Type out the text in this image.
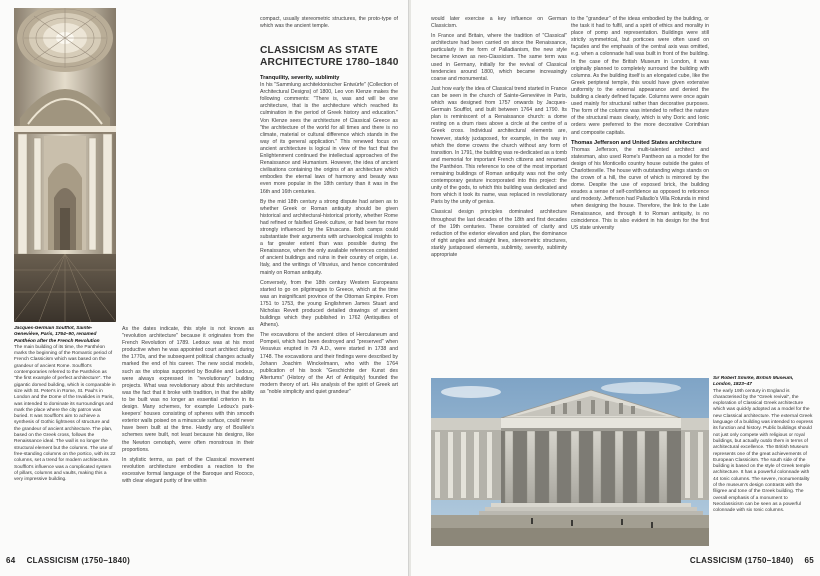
Jacques-Germain Soufflot, Sainte-Geneviève, Paris, 1764–90, renamed Panthéon after the French Revolution
The main building of its time, the Panthéon marks the beginning of the Romantic period of French Classicism which was based on the grandeur of ancient Rome. Soufflot's contemporaries referred to the Panthéon as "the first example of perfect architecture". The gigantic domed building, which is comparable in size with St. Peter's in Rome, St. Paul's in London and the Dome of the Invalides in Paris, was intended to dominate its surroundings and mark the place where the city patron was buried. It was Soufflot's aim to achieve a synthesis of Gothic lightness of structure and the grandeur of ancient architecture. The plan, based on the Greek cross, follows the Renaissance ideal. The wall is no longer the structural element but the columns. The use of free-standing columns on the portico, with its 22 columns, set a trend for modern architecture. Soufflot's influence was a complicated system of pillars, columns and vaults, making this a very impressive building.

As the dates indicate, this style is not known as "revolution architecture" because it originates from the French Revolution of 1789. Ledoux was at his most productive when he was appointed court architect during the 1770s, and the subsequent political changes actually marked the end of his career. The new social models, such as the utopias supported by Boullée and Ledoux, were always expressed in "revolutionary" building projects. What was revolutionary about this architecture was the fact that it broke with tradition, in that the ability to be built was no longer an essential criterion in its design. Many schemes, for example Ledoux's park-keepers' houses consisting of spheres with thin smooth exterior walls poised on a minuscule surface, could never have been built at the time. Hardly any of Boullée's schemes were built, not least because his designs, like the Newton cenotaph, were often monstrous in their proportions.

In stylistic terms, as part of the Classical movement revolution architecture embodies a reaction to the excessive formal language of the Baroque and Rococo, with clear elegant purity of line within

compact, usually stereometric structures, the proto-type of which was the ancient temple.
CLASSICISM AS STATE
ARCHITECTURE 1780–1840

Tranquility, severity, sublimity

In his "Sammlung architektonischer Entwürfe" (Collection of Architectural Designs) of 1800, Leo von Klenze makes the following comments: "There is, was and will be one architecture, that is the architecture which reached its culmination in the period of Greek history and education." Von Klenze sees the architecture of Classical Greece as "the architecture of the world for all times and there is no climate, material or cultural difference which stands in the way of its general application." This renewed focus on ancient architecture is logical in view of the fact that the Enlightenment continued the intellectual approaches of the Renaissance and Humanism. However, the idea of ancient civilisations containing the origins of an architecture which embodies the eternal laws of harmony and beauty was even more popular in the 18th century than it was in the 16th and 16th centuries.

By the mid 18th century a strong dispute had arisen as to whether Greek or Roman antiquity should be given historical and architectural-historical priority, whether Rome had refined or falsified Greek culture, or had been far more strongly influenced by the Etruscans. Both camps could substantiate their arguments with archaeological insights to a far greater extent than was possible during the Renaissance, when the only available references consisted of ancient buildings and ruins in their country of origin, i.e. Italy, and the writings of Vitruvius, and hence concentrated mainly on Roman antiquity.

Conversely, from the 18th century Western Europeans started to go on pilgrimages to Greece, which at the time was an insignificant province of the Ottoman Empire. From 1751 to 1753, the young Englishmen James Stuart and Nicholas Revett produced detailed drawings of ancient buildings which they published in 1762 (Antiquities of Athens).

The excavations of the ancient cities of Herculaneum and Pompeii, which had been destroyed and "preserved" when Vesuvius erupted in 79 A.D., were started in 1738 and 1748. The excavations and their findings were described by Johann Joachim Winckelmann, who with the 1764 publication of his book "Geschichte der Kunst des Altertums" (History of the Art of Antiquity) founded the modern theory of art. His analysis of the spirit of Greek art as "noble simplicity and quiet grandeur"

64 CLASSICISM (1750–1840)

would later exercise a key influence on German Classicism.

In France and Britain, where the tradition of "Classical" architecture had been carried on since the Renaissance, particularly in the form of Palladianism, the new style became known as neo-Classicism. The same term was used in Germany, initially for the revival of Classical tendencies around 1800, which became increasingly coarse and monumental.

Just how early the idea of Classical trend started in France can be seen in the church of Sainte-Geneviève in Paris, which was designed from 1757 onwards by Jacques-Germain Soufflot, and built between 1764 and 1790. Its plan is reminiscent of a Renaissance church: a dome resting on a drum rises above a circle at the centre of a Greek cross. Individual architectural elements are, however, starkly juxtaposed, for example, in the way in which the dome crowns the church without any form of transition. In 1791, the building was re-dedicated as a tomb and memorial for important French citizens and renamed the Panthéon. This reference to one of the most important remaining buildings of Roman antiquity was not the only contemporary gesture incorporated into this project: the unity of the gods, to which this building was dedicated and from which it took its name, was replaced in revolutionary Paris by the unity of genius.

Classical design principles dominated architecture throughout the last decades of the 18th and first decades of the 19th centuries. These consisted of clarity and reduction of the exterior elevation and plan, the dominance of right angles and straight lines, stereometric structures, starkly juxtaposed elements, sublimity, severity, sublimity appropriate

to the "grandeur" of the ideas embodied by the building, or the task it had to fulfil, and a spirit of ethics and morality in place of pomp and representation. Buildings were still strictly symmetrical, but porticoes were often used on façades and the emphasis of the central axis was omitted, e.g. when a colonnade hall was built in front of the building. In the case of the British Museum in London, it was originally planned to completely surround the building with columns. As the building itself is an elongated cube, like the Greek peripteral temple, this would have given extensive uniformity to the external appearance and denied the building a clearly defined façade. Columns were once again used mainly for structural rather than decorative purposes. The form of the columns was intended to reflect the nature of the structural mass clearly, which is why Doric and Ionic orders were preferred to the more decorative Corinthian and composite capitals.

Thomas Jefferson and United States architecture

Thomas Jefferson, the multi-talented architect and statesman, also used Rome's Pantheon as a model for the design of his Monticello country house outside the gates of Charlottesville. The house with outstanding wings stands on the crown of a hill, the curve of which is mirrored by the dome. Despite the use of exposed brick, the building exudes a sense of self-confidence as opposed to reticence and modesty. Jefferson had Palladio's Villa Rotunda in mind when designing the house. Therefore, the link to the Late Renaissance, and through it to Roman antiquity, is no coincidence. This is also evident in his design for the first US state university

Sir Robert Smirke, British Museum, London, 1823–47
The early 19th century in England is characterised by the "Greek revival", the exploration of Classical Greek architecture which was quickly adopted as a model for the new Classical architecture. The external Greek language of a building was intended to express its function and history. Public buildings should not just only compete with religious or royal buildings, but actually outdo them in terms of architectural excellence. The British Museum represents one of the great achievements of European Classicism. The south side of the building is based on the style of Greek temple architecture. It has a powerful colonnade with 44 Ionic columns. The severe, monumentality of the museum's design contrasts with the filigree and tone of the Greek building. The overall emphasis of a monument to Neoclassicism can be seen as a powerful colonnade with six Ionic columns.
CLASSICISM (1750–1840) 65
